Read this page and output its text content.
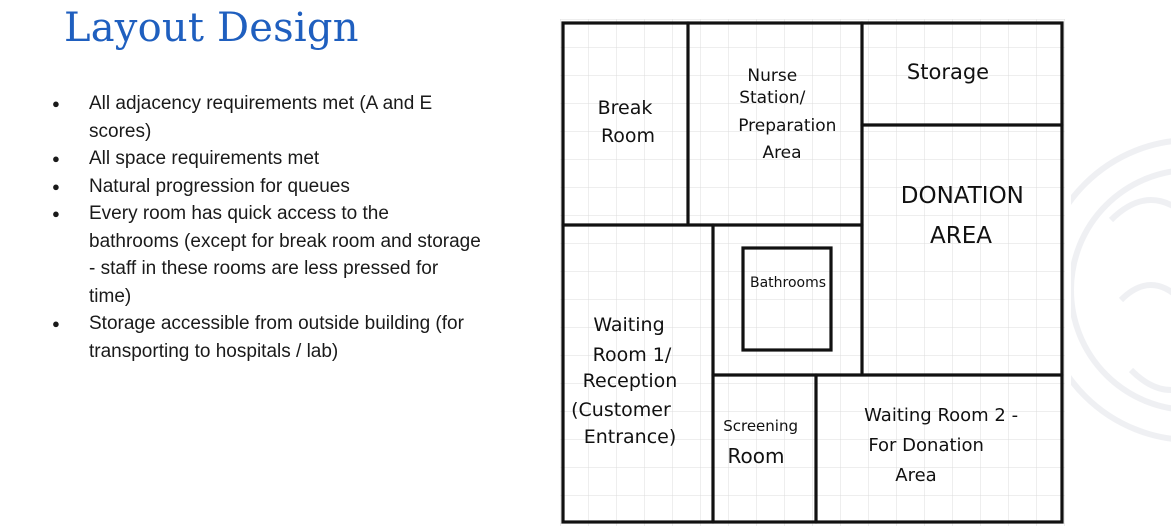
Layout Design
● All adjacency requirements met (A and E scores)
● All space requirements met
● Natural progression for queues
● Every room has quick access to the bathrooms (except for break room and storage - staff in these rooms are less pressed for time)
● Storage accessible from outside building (for transporting to hospitals / lab)
Break Room
Nurse Station/ Preparation Area
Storage
DONATION AREA
Bathrooms
Waiting Room 1/ Reception (Customer Entrance)	Screening Room
Waiting Room 2 - For Donation Area
